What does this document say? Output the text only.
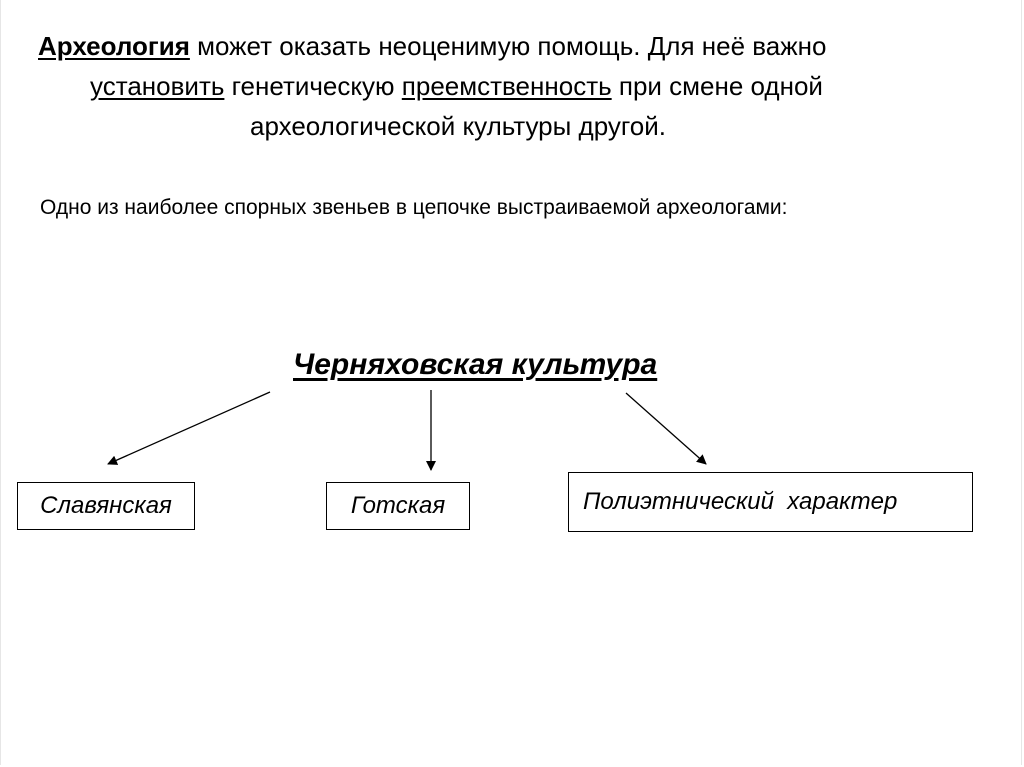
Археология может оказать неоценимую помощь. Для неё важно
установить генетическую преемственность при смене одной
археологической культуры другой.
Одно из наиболее спорных звеньев в цепочке выстраиваемой археологами:
Черняховская культура
Славянская	Готская	Полиэтнический  характер
